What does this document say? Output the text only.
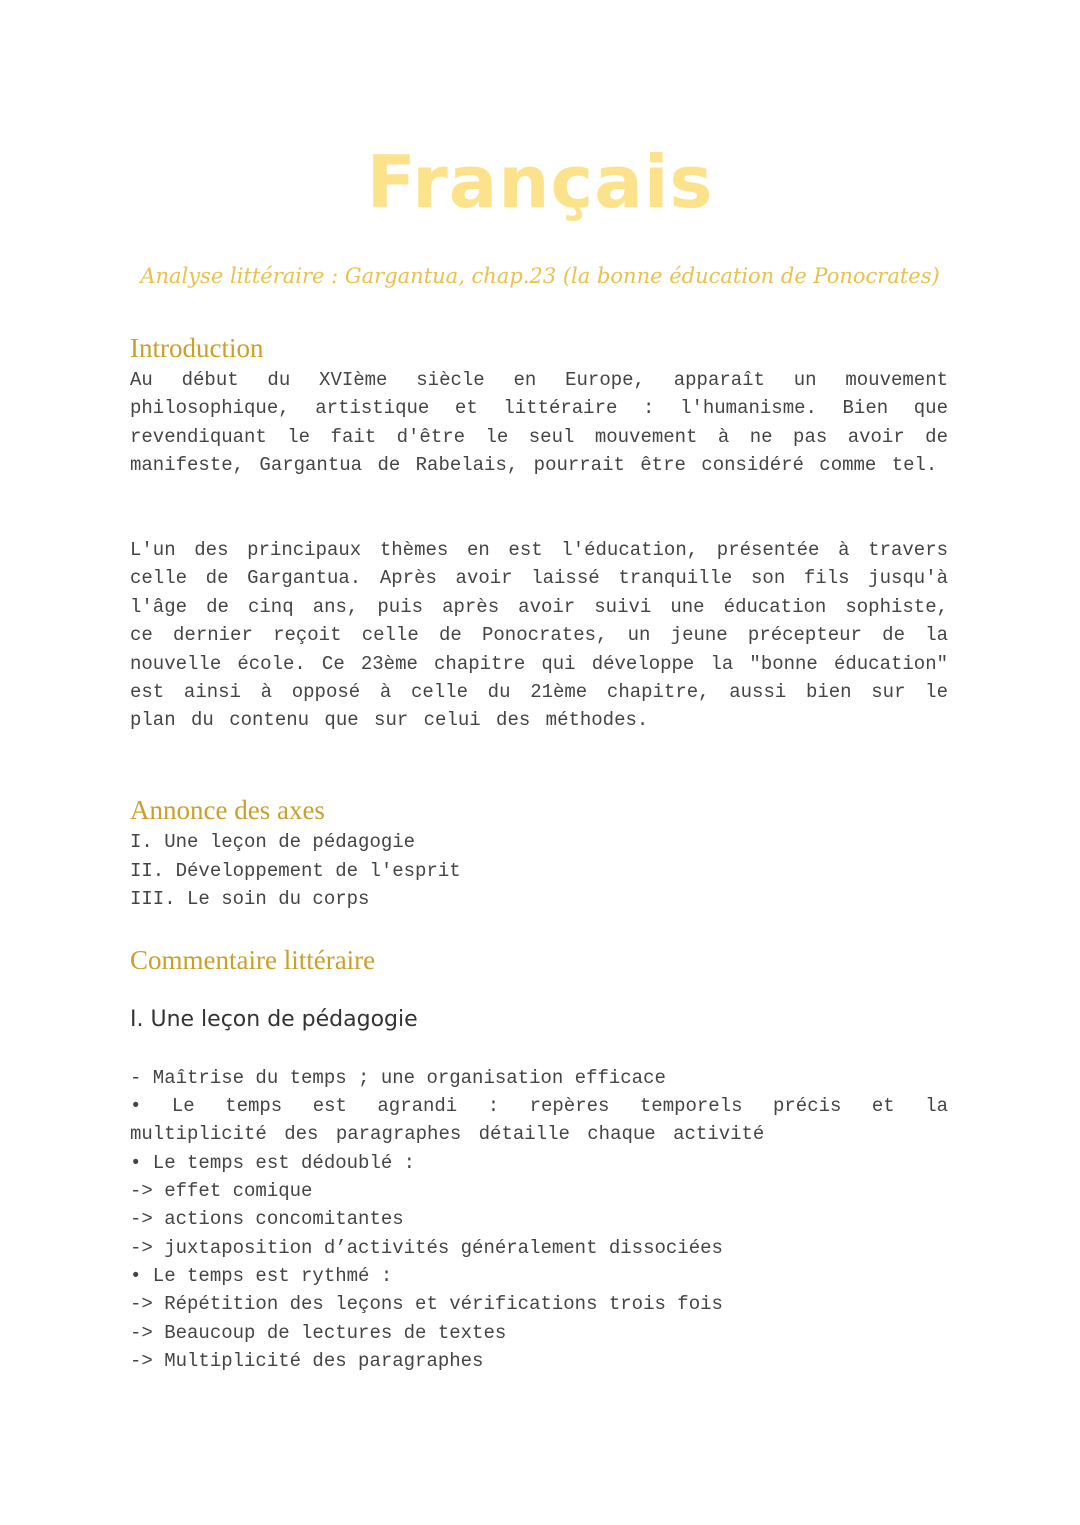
Français
Analyse littéraire : Gargantua, chap.23 (la bonne éducation de Ponocrates)
Introduction
Au début du XVIème siècle en Europe, apparaît un mouvement philosophique, artistique et littéraire : l'humanisme. Bien que revendiquant le fait d'être le seul mouvement à ne pas avoir de manifeste, Gargantua de Rabelais, pourrait être considéré comme tel.
L'un des principaux thèmes en est l'éducation, présentée à travers celle de Gargantua. Après avoir laissé tranquille son fils jusqu'à l'âge de cinq ans, puis après avoir suivi une éducation sophiste, ce dernier reçoit celle de Ponocrates, un jeune précepteur de la nouvelle école. Ce 23ème chapitre qui développe la "bonne éducation" est ainsi à opposé à celle du 21ème chapitre, aussi bien sur le plan du contenu que sur celui des méthodes.
Annonce des axes
I. Une leçon de pédagogie
II. Développement de l'esprit
III. Le soin du corps
Commentaire littéraire
I. Une leçon de pédagogie
- Maîtrise du temps ; une organisation efficace
• Le temps est agrandi : repères temporels précis et la multiplicité des paragraphes détaille chaque activité
• Le temps est dédoublé :
-> effet comique
-> actions concomitantes
-> juxtaposition d’activités généralement dissociées
• Le temps est rythmé :
-> Répétition des leçons et vérifications trois fois
-> Beaucoup de lectures de textes
-> Multiplicité des paragraphes
